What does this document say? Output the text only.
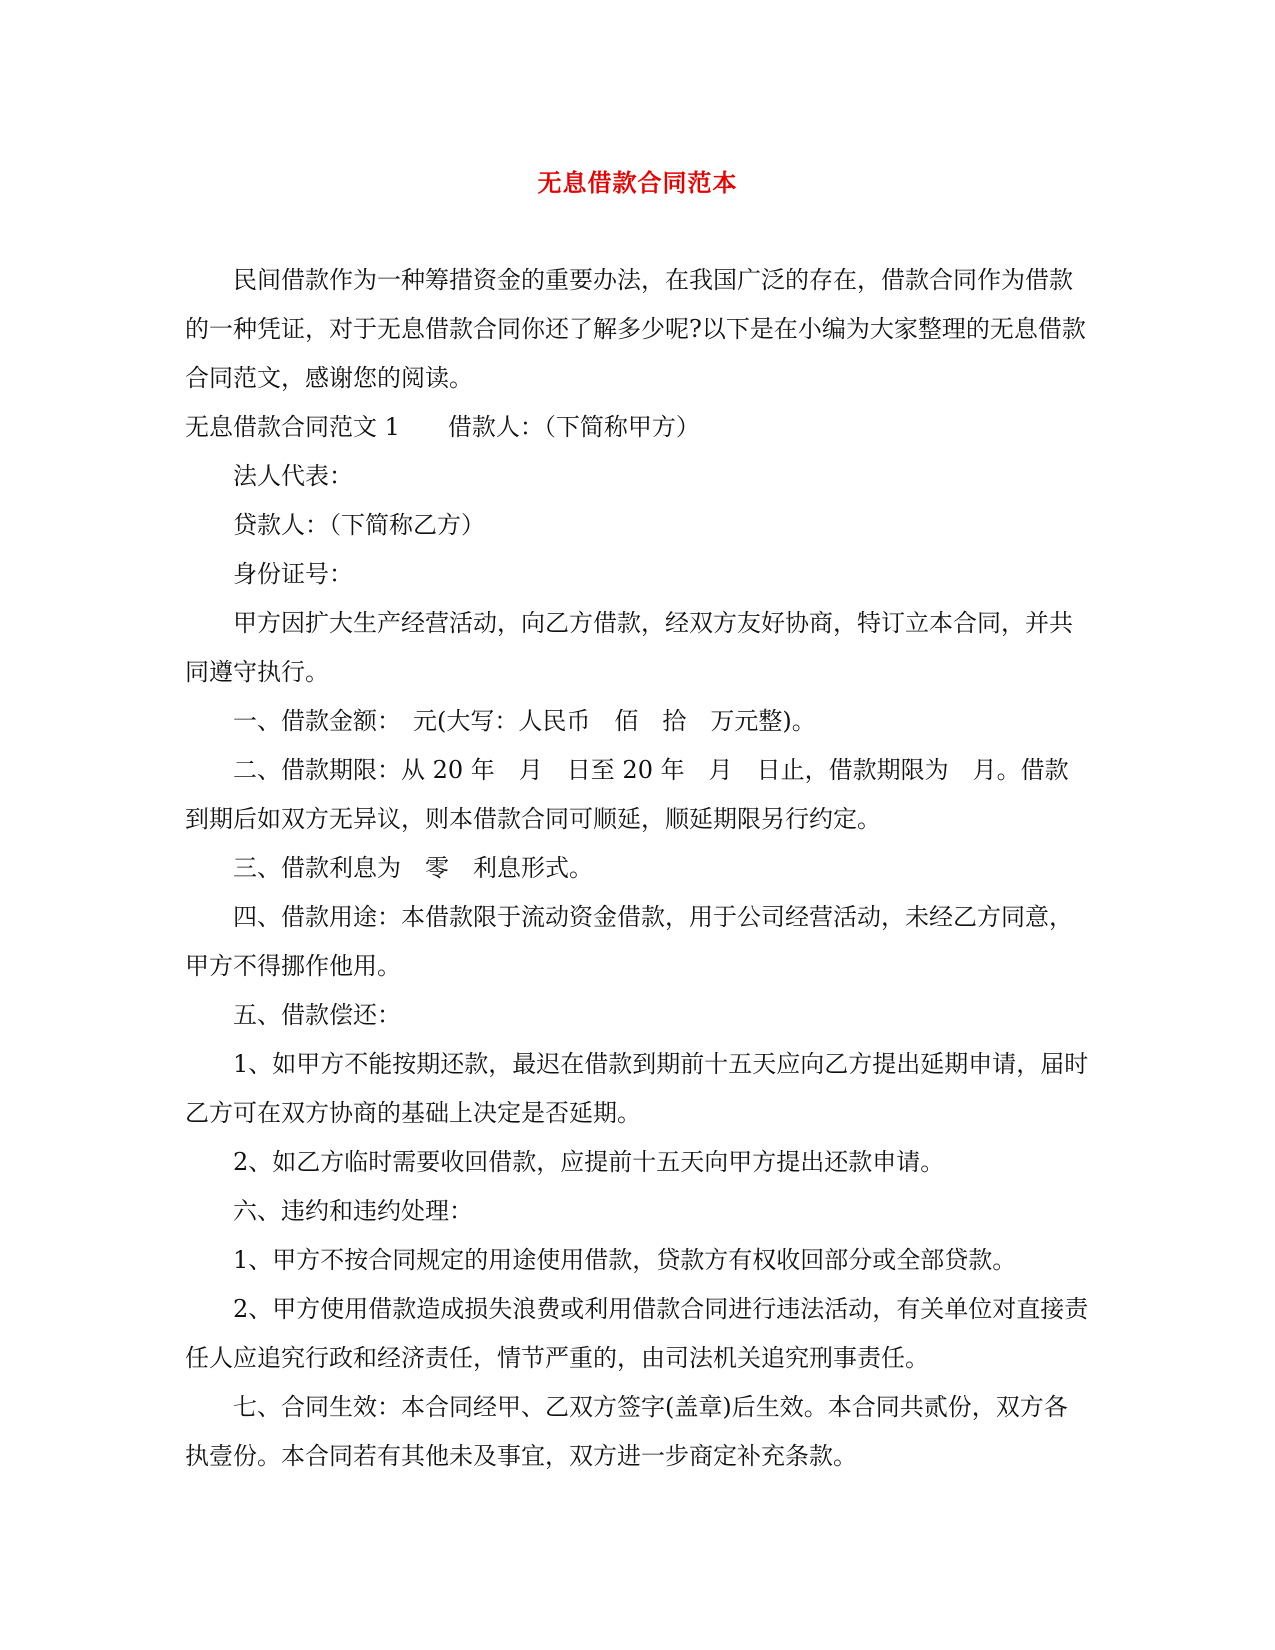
无息借款合同范本

民间借款作为一种筹措资金的重要办法，在我国广泛的存在，借款合同作为借款的一种凭证，对于无息借款合同你还了解多少呢?以下是在小编为大家整理的无息借款合同范文，感谢您的阅读。

无息借款合同范文 1　　借款人：（下简称甲方）

法人代表：

贷款人：（下简称乙方）

身份证号：

甲方因扩大生产经营活动，向乙方借款，经双方友好协商，特订立本合同，并共同遵守执行。

一、借款金额：　元(大写：人民币　佰　拾　万元整)。

二、借款期限：从 20 年　月　日至 20 年　月　日止，借款期限为　月。借款到期后如双方无异议，则本借款合同可顺延，顺延期限另行约定。

三、借款利息为　零　利息形式。

四、借款用途：本借款限于流动资金借款，用于公司经营活动，未经乙方同意，甲方不得挪作他用。

五、借款偿还：

1、如甲方不能按期还款，最迟在借款到期前十五天应向乙方提出延期申请，届时乙方可在双方协商的基础上决定是否延期。

2、如乙方临时需要收回借款，应提前十五天向甲方提出还款申请。

六、违约和违约处理：

1、甲方不按合同规定的用途使用借款，贷款方有权收回部分或全部贷款。

2、甲方使用借款造成损失浪费或利用借款合同进行违法活动，有关单位对直接责任人应追究行政和经济责任，情节严重的，由司法机关追究刑事责任。

七、合同生效：本合同经甲、乙双方签字(盖章)后生效。本合同共贰份，双方各执壹份。本合同若有其他未及事宜，双方进一步商定补充条款。
